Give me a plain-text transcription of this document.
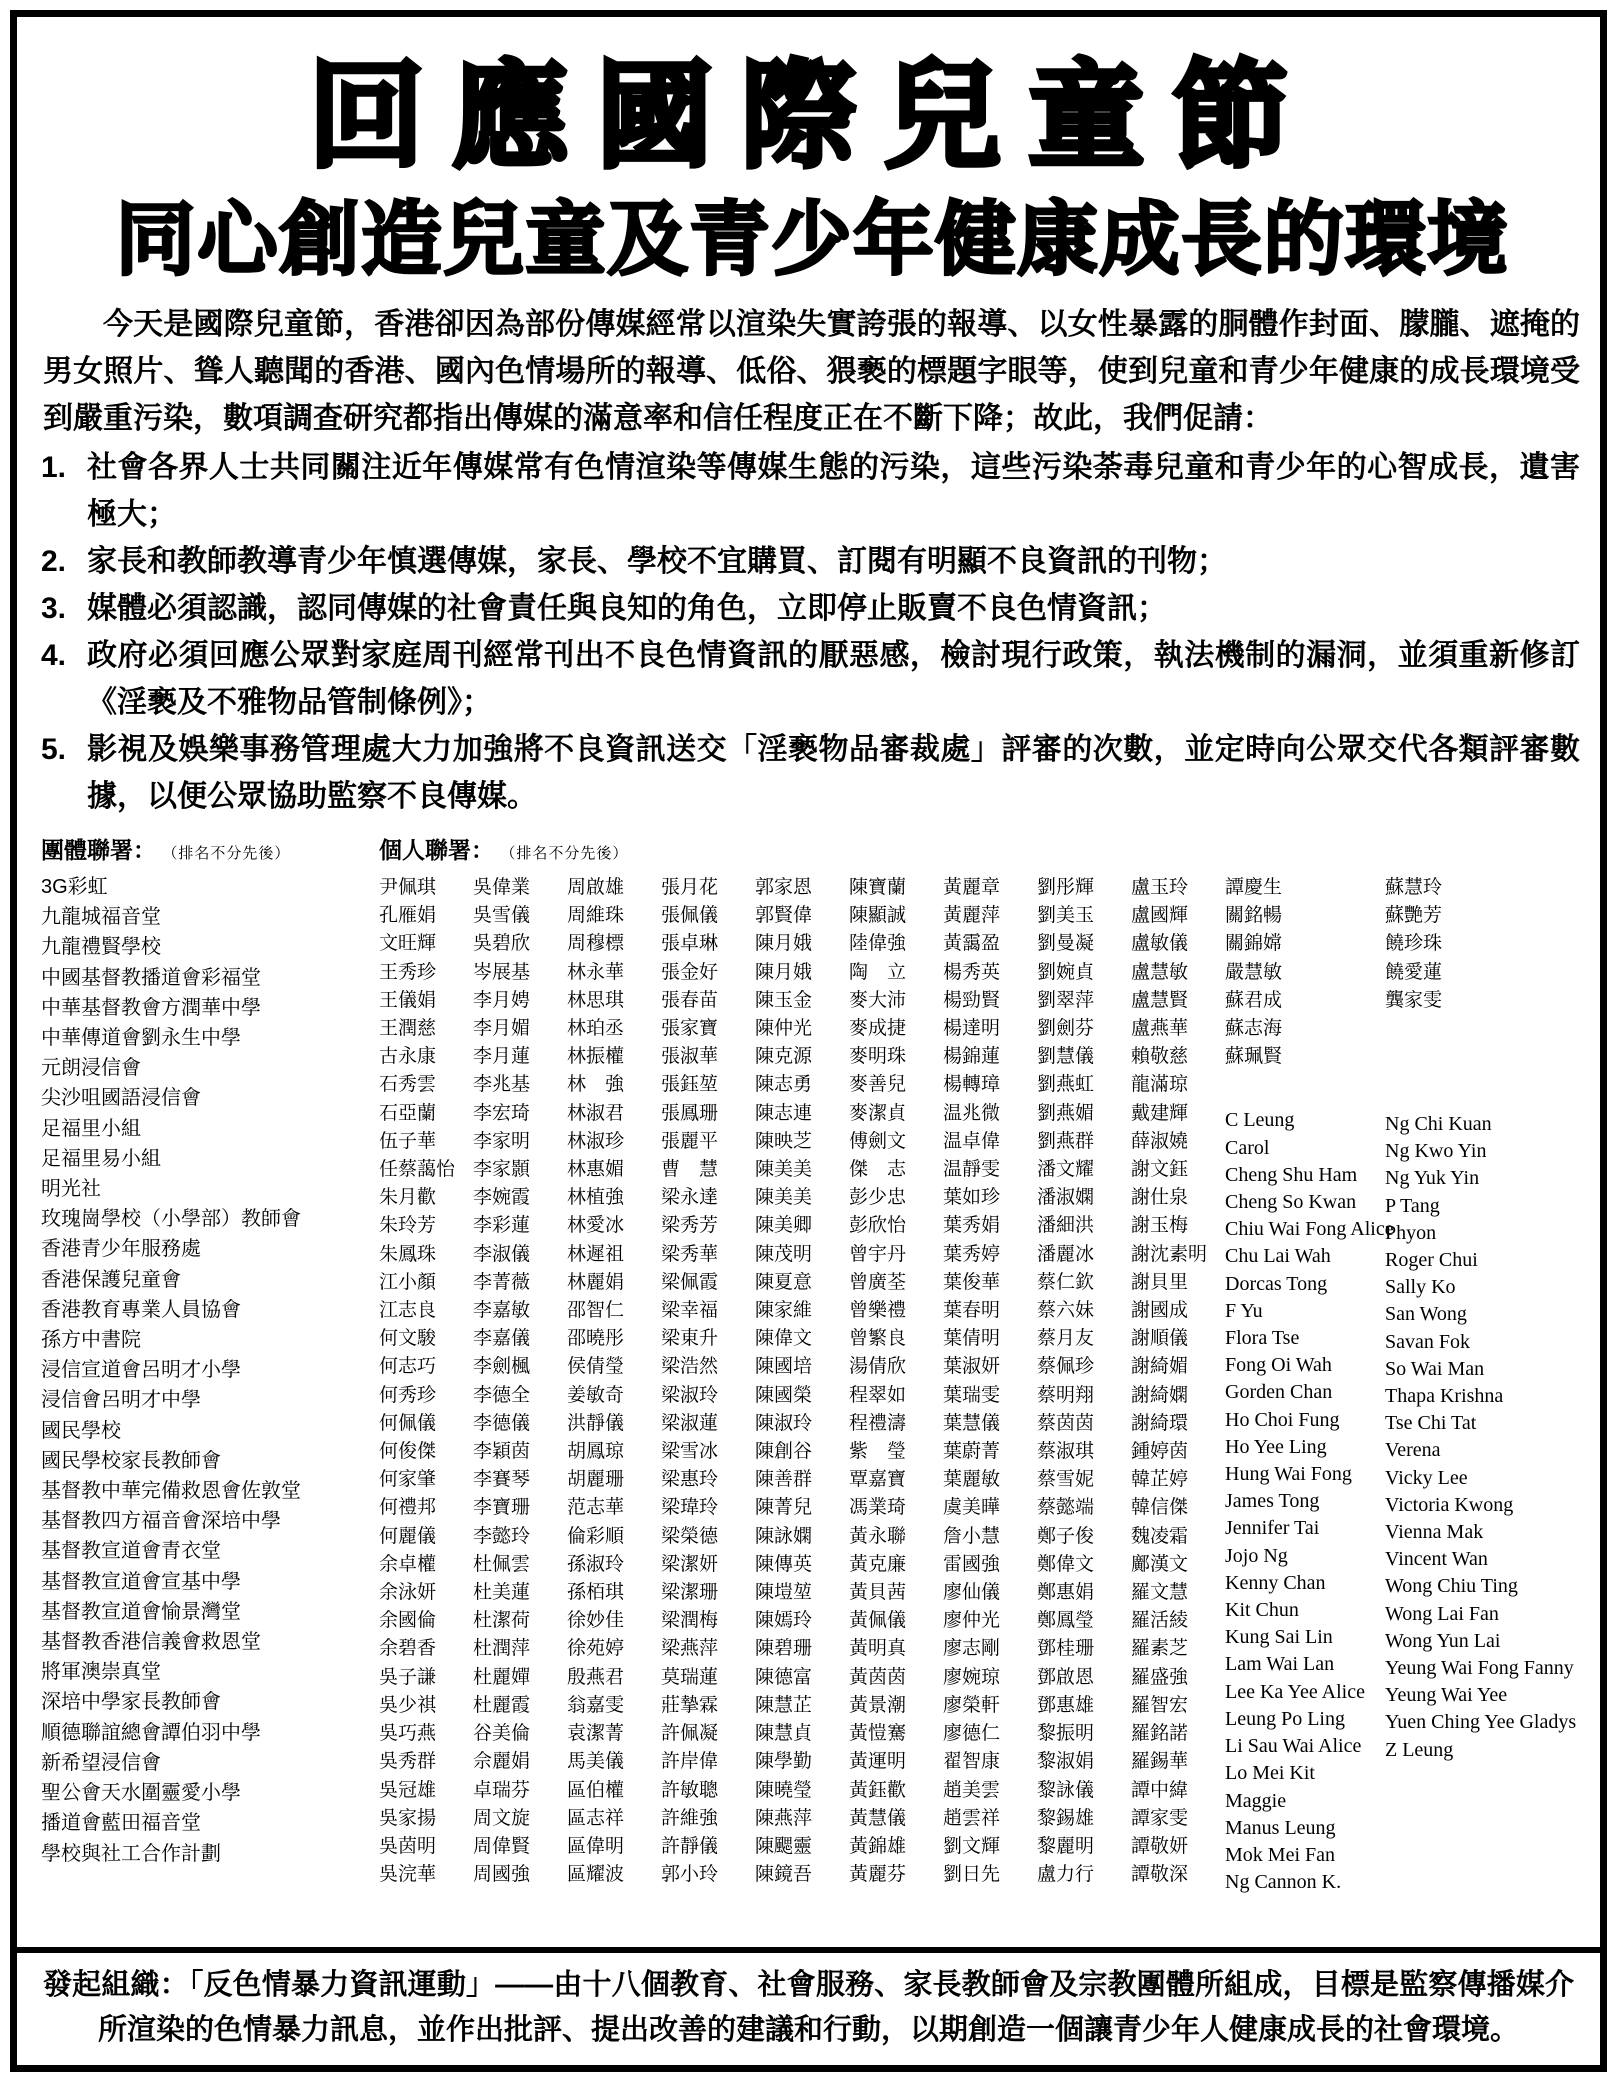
回應國際兒童節
同心創造兒童及青少年健康成長的環境

今天是國際兒童節，香港卻因為部份傳媒經常以渲染失實誇張的報導、以女性暴露的胴體作封面、朦朧、遮掩的男女照片、聳人聽聞的香港、國內色情場所的報導、低俗、猥褻的標題字眼等，使到兒童和青少年健康的成長環境受到嚴重污染，數項調查研究都指出傳媒的滿意率和信任程度正在不斷下降；故此，我們促請：

1. 社會各界人士共同關注近年傳媒常有色情渲染等傳媒生態的污染，這些污染荼毒兒童和青少年的心智成長，遺害極大；
2. 家長和教師教導青少年慎選傳媒，家長、學校不宜購買、訂閱有明顯不良資訊的刊物；
3. 媒體必須認識，認同傳媒的社會責任與良知的角色，立即停止販賣不良色情資訊；
4. 政府必須回應公眾對家庭周刊經常刊出不良色情資訊的厭惡感，檢討現行政策，執法機制的漏洞，並須重新修訂《淫褻及不雅物品管制條例》；
5. 影視及娛樂事務管理處大力加強將不良資訊送交「淫褻物品審裁處」評審的次數，並定時向公眾交代各類評審數據，以便公眾協助監察不良傳媒。
團體聯署： （排名不分先後）
3G彩虹
九龍城福音堂
九龍禮賢學校
中國基督教播道會彩福堂
中華基督教會方潤華中學
中華傳道會劉永生中學
元朗浸信會
尖沙咀國語浸信會
足福里小組
足福里易小組
明光社
玫瑰崗學校（小學部）教師會
香港青少年服務處
香港保護兒童會
香港教育專業人員協會
孫方中書院
浸信宣道會呂明才小學
浸信會呂明才中學
國民學校
國民學校家長教師會
基督教中華完備救恩會佐敦堂
基督教四方福音會深培中學
基督教宣道會青衣堂
基督教宣道會宣基中學
基督教宣道會愉景灣堂
基督教香港信義會救恩堂
將軍澳崇真堂
深培中學家長教師會
順德聯誼總會譚伯羽中學
新希望浸信會
聖公會天水圍靈愛小學
播道會藍田福音堂
學校與社工合作計劃
個人聯署： （排名不分先後）
尹佩琪
孔雁娟
文旺輝
王秀珍
王儀娟
王潤慈
古永康
石秀雲
石亞蘭
伍子華
任蔡藹怡
朱月歡
朱玲芳
朱鳳珠
江小顏
江志良
何文駿
何志巧
何秀珍
何佩儀
何俊傑
何家肇
何禮邦
何麗儀
余卓權
余泳妍
余國倫
余碧香
吳子謙
吳少祺
吳巧燕
吳秀群
吳冠雄
吳家揚
吳茵明
吳浣華
吳偉業
吳雪儀
吳碧欣
岑展基
李月娉
李月媚
李月蓮
李兆基
李宏琦
李家明
李家顥
李婉霞
李彩蓮
李淑儀
李菁薇
李嘉敏
李嘉儀
李劍楓
李德全
李德儀
李穎茵
李賽琴
李寶珊
李懿玲
杜佩雲
杜美蓮
杜潔荷
杜潤萍
杜麗嬋
杜麗霞
谷美倫
佘麗娟
卓瑞芬
周文旋
周偉賢
周國強
周啟雄
周維珠
周穆標
林永華
林思琪
林珀丞
林振權
林　強
林淑君
林淑珍
林惠媚
林植強
林愛冰
林遲祖
林麗娟
邵智仁
邵曉彤
侯倩瑩
姜敏奇
洪靜儀
胡鳳琼
胡麗珊
范志華
倫彩順
孫淑玲
孫栢琪
徐妙佳
徐苑婷
殷燕君
翁嘉雯
袁潔菁
馬美儀
區伯權
區志祥
區偉明
區耀波
張月花
張佩儀
張卓琳
張金好
張春苗
張家寶
張淑華
張鈺堃
張鳳珊
張麗平
曹　慧
梁永達
梁秀芳
梁秀華
梁佩霞
梁幸福
梁東升
梁浩然
梁淑玲
梁淑蓮
梁雪冰
梁惠玲
梁瑋玲
梁榮德
梁潔妍
梁潔珊
梁潤梅
梁燕萍
莫瑞蓮
莊摯霖
許佩凝
許岸偉
許敏聰
許維強
許靜儀
郭小玲
郭家恩
郭賢偉
陳月娥
陳月娥
陳玉金
陳仲光
陳克源
陳志勇
陳志連
陳映芝
陳美美
陳美美
陳美卿
陳茂明
陳夏意
陳家維
陳偉文
陳國培
陳國榮
陳淑玲
陳創谷
陳善群
陳菁兒
陳詠嫻
陳傳英
陳塏堃
陳嫣玲
陳碧珊
陳德富
陳慧芷
陳慧貞
陳學勤
陳曉瑩
陳燕萍
陳颸靈
陳鏡吾
陳寶蘭
陳顯誠
陸偉強
陶　立
麥大沛
麥成捷
麥明珠
麥善兒
麥潔貞
傅劍文
傑　志
彭少忠
彭欣怡
曾宇丹
曾廣荃
曾樂禮
曾繁良
湯倩欣
程翠如
程禮濤
紫　瑩
覃嘉寶
馮業琦
黃永聯
黃克廉
黃貝茜
黃佩儀
黃明真
黃茵茵
黃景潮
黃愷騫
黃運明
黃鈺歡
黃慧儀
黃錦雄
黃麗芬
黃麗章
黃麗萍
黃靄盈
楊秀英
楊勁賢
楊達明
楊錦蓮
楊轉璋
温兆微
温卓偉
温靜雯
葉如珍
葉秀娟
葉秀婷
葉俊華
葉春明
葉倩明
葉淑妍
葉瑞雯
葉慧儀
葉蔚菁
葉麗敏
虞美曄
詹小慧
雷國強
廖仙儀
廖仲光
廖志剛
廖婉琼
廖榮軒
廖德仁
翟智康
趙美雲
趙雲祥
劉文輝
劉日先
劉彤輝
劉美玉
劉曼凝
劉婉貞
劉翠萍
劉劍芬
劉慧儀
劉燕虹
劉燕媚
劉燕群
潘文耀
潘淑嫻
潘細洪
潘麗冰
蔡仁欽
蔡六妹
蔡月友
蔡佩珍
蔡明翔
蔡茵茵
蔡淑琪
蔡雪妮
蔡懿端
鄭子俊
鄭偉文
鄭惠娟
鄭鳳瑩
鄧桂珊
鄧啟恩
鄧惠雄
黎振明
黎淑娟
黎詠儀
黎錫雄
黎麗明
盧力行
盧玉玲
盧國輝
盧敏儀
盧慧敏
盧慧賢
盧燕華
賴敬慈
龍滿琼
戴建輝
薛淑嬈
謝文鈺
謝仕泉
謝玉梅
謝沈素明
謝貝里
謝國成
謝順儀
謝綺媚
謝綺嫻
謝綺環
鍾婷茵
韓芷婷
韓信傑
魏凌霜
鄺漢文
羅文慧
羅活綾
羅素芝
羅盛強
羅智宏
羅銘諾
羅錫華
譚中緯
譚家雯
譚敬妍
譚敬深
譚慶生
關銘暢
關錦嫦
嚴慧敏
蘇君成
蘇志海
蘇珮賢
C Leung
Carol
Cheng Shu Ham
Cheng So Kwan
Chiu Wai Fong Alice
Chu Lai Wah
Dorcas Tong
F Yu
Flora Tse
Fong Oi Wah
Gorden Chan
Ho Choi Fung
Ho Yee Ling
Hung Wai Fong
James Tong
Jennifer Tai
Jojo Ng
Kenny Chan
Kit Chun
Kung Sai Lin
Lam Wai Lan
Lee Ka Yee Alice
Leung Po Ling
Li Sau Wai Alice
Lo Mei Kit
Maggie
Manus Leung
Mok Mei Fan
Ng Cannon K.
蘇慧玲
蘇艷芳
饒珍珠
饒愛蓮
龔家雯
Ng Chi Kuan
Ng Kwo Yin
Ng Yuk Yin
P Tang
Phyon
Roger Chui
Sally Ko
San Wong
Savan Fok
So Wai Man
Thapa Krishna
Tse Chi Tat
Verena
Vicky Lee
Victoria Kwong
Vienna Mak
Vincent Wan
Wong Chiu Ting
Wong Lai Fan
Wong Yun Lai
Yeung Wai Fong Fanny
Yeung Wai Yee
Yuen Ching Yee Gladys
Z Leung
發起組織：「反色情暴力資訊運動」——由十八個教育、社會服務、家長教師會及宗教團體所組成，目標是監察傳播媒介所渲染的色情暴力訊息，並作出批評、提出改善的建議和行動，以期創造一個讓青少年人健康成長的社會環境。
